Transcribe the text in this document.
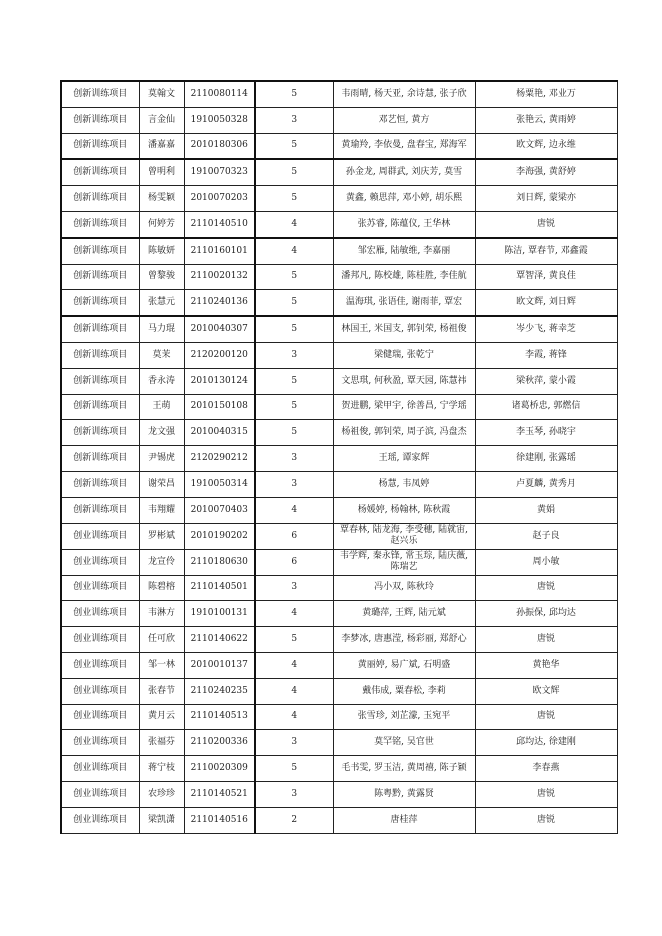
创新训练项目	莫翰文	2110080114	5	韦雨晴, 杨天亚, 余诗慧, 张子欣	杨粟艳, 邓业万
创新训练项目	言金仙	1910050328	3	邓艺恒, 黄方	张艳云, 黄雨婷
创新训练项目	潘嘉嘉	2010180306	5	黄瑜羚, 李依曼, 盘春宝, 郑海军	欧文辉, 边永维
创新训练项目	曾明利	1910070323	5	孙金龙, 周群武, 刘庆芳, 莫雪	李海强, 黄舒婷
创新训练项目	杨雯颖	2010070203	5	黄鑫, 赖思萍, 邓小婷, 胡乐熙	刘日辉, 蒙梁亦
创新训练项目	何婷芳	2110140510	4	张苏睿, 陈蕴仪, 王华林	唐锐
创新训练项目	陈敏妍	2110160101	4	邹宏雁, 陆敏维, 李嘉丽	陈洁, 覃春节, 邓鑫霞
创新训练项目	曾黎骏	2110020132	5	潘邦凡, 陈校雄, 陈桂胜, 李佳航	覃智泽, 黄良佳
创新训练项目	张慧元	2110240136	5	温海琪, 张语佳, 谢雨菲, 覃宏	欧文辉, 刘日辉
创新训练项目	马力琨	2010040307	5	林国王, 米国支, 郭钊荣, 杨祖俊	岑少飞, 蒋幸芝
创新训练项目	莫茉	2120200120	3	梁健瑞, 张乾宁	李霞, 蒋锋
创新训练项目	香永涛	2010130124	5	文思琪, 何秋盈, 覃天园, 陈慧祎	梁秋萍, 蒙小霞
创新训练项目	王萌	2010150108	5	贺进鹏, 梁甲宇, 徐善昌, 宁学瑶	诸葛桥忠, 郭燃信
创新训练项目	龙文强	2010040315	5	杨祖俊, 郭钊荣, 周子滨, 冯盘杰	李玉琴, 孙晓宇
创新训练项目	尹锡虎	2120290212	3	王瑶, 谭家辉	徐建刚, 张露瑶
创新训练项目	谢荣昌	1910050314	3	杨慧, 韦凤婷	卢夏麟, 黄秀月
创新训练项目	韦翔耀	2010070403	4	杨媛婷, 杨翰林, 陈秋霞	黄娟
创业训练项目	罗彬斌	2010190202	6	覃春林, 陆龙海, 李受穗, 陆就宙, 赵兴乐	赵子良
创业训练项目	龙宣伶	2110180630	6	韦学辉, 秦永锋, 常玉琮, 陆庆薇, 陈瑞艺	周小敏
创业训练项目	陈碧榕	2110140501	3	冯小双, 陈秋玲	唐锐
创业训练项目	韦淋方	1910100131	4	黄璐萍, 王辉, 陆元斌	孙振保, 邱均达
创业训练项目	任可欣	2110140622	5	李梦冰, 唐惠滢, 杨彩丽, 郑舒心	唐锐
创业训练项目	邹一林	2010010137	4	黄丽婷, 易广斌, 石明盛	黄艳华
创业训练项目	张春节	2110240235	4	戴伟成, 粟春松, 李莉	欧文辉
创业训练项目	黄月云	2110140513	4	张雪珍, 刘芷濛, 玉宛平	唐锐
创业训练项目	张福芬	2110200336	3	莫罕铭, 吴官世	邱均达, 徐建刚
创业训练项目	蒋宁枝	2110020309	5	毛书雯, 罗玉洁, 黄周禧, 陈子颖	李春燕
创业训练项目	农珍珍	2110140521	3	陈粤黔, 黄露贤	唐锐
创业训练项目	梁凯潇	2110140516	2	唐桂萍	唐锐
